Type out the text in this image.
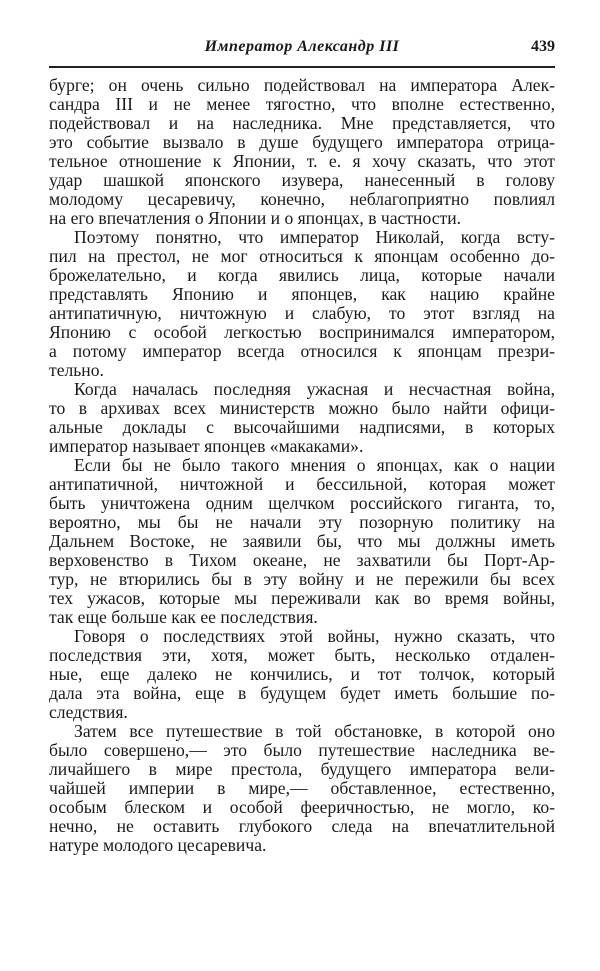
Император Александр III	439
бурге; он очень сильно подействовал на императора Алек-
сандра III и не менее тягостно, что вполне естественно,
подействовал и на наследника. Мне представляется, что
это событие вызвало в душе будущего императора отрица-
тельное отношение к Японии, т. е. я хочу сказать, что этот
удар шашкой японского изувера, нанесенный в голову
молодому цесаревичу, конечно, неблагоприятно повлиял
на его впечатления о Японии и о японцах, в частности.
Поэтому понятно, что император Николай, когда всту-
пил на престол, не мог относиться к японцам особенно до-
брожелательно, и когда явились лица, которые начали
представлять Японию и японцев, как нацию крайне
антипатичную, ничтожную и слабую, то этот взгляд на
Японию с особой легкостью воспринимался императором,
а потому император всегда относился к японцам презри-
тельно.
Когда началась последняя ужасная и несчастная война,
то в архивах всех министерств можно было найти офици-
альные доклады с высочайшими надписями, в которых
император называет японцев «макаками».
Если бы не было такого мнения о японцах, как о нации
антипатичной, ничтожной и бессильной, которая может
быть уничтожена одним щелчком российского гиганта, то,
вероятно, мы бы не начали эту позорную политику на
Дальнем Востоке, не заявили бы, что мы должны иметь
верховенство в Тихом океане, не захватили бы Порт-Ар-
тур, не втюрились бы в эту войну и не пережили бы всех
тех ужасов, которые мы переживали как во время войны,
так еще больше как ее последствия.
Говоря о последствиях этой войны, нужно сказать, что
последствия эти, хотя, может быть, несколько отдален-
ные, еще далеко не кончились, и тот толчок, который
дала эта война, еще в будущем будет иметь большие по-
следствия.
Затем все путешествие в той обстановке, в которой оно
было совершено,— это было путешествие наследника ве-
личайшего в мире престола, будущего императора вели-
чайшей империи в мире,— обставленное, естественно,
особым блеском и особой фееричностью, не могло, ко-
нечно, не оставить глубокого следа на впечатлительной
натуре молодого цесаревича.
